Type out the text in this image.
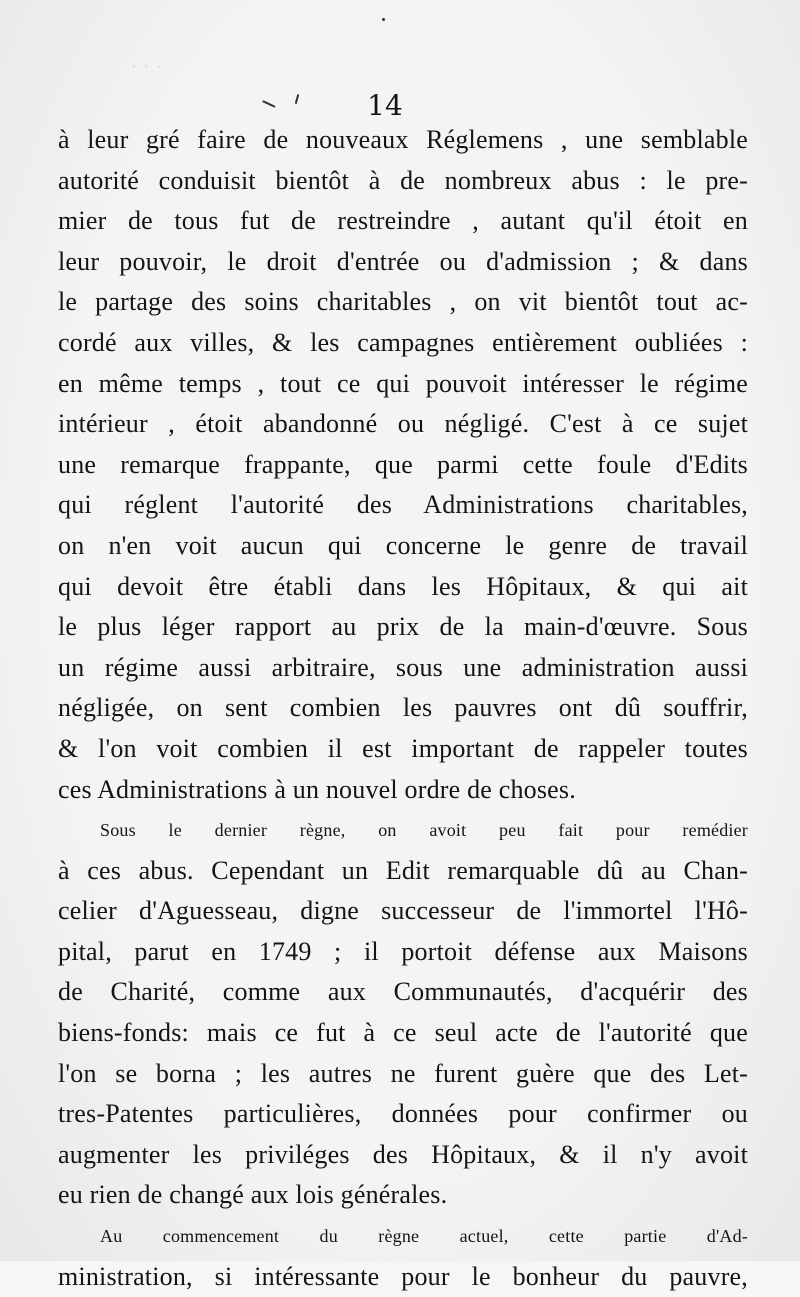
· · ·
14
à leur gré faire de nouveaux Réglemens , une semblable
autorité conduisit bientôt à de nombreux abus : le pre-
mier de tous fut de restreindre , autant qu'il étoit en
leur pouvoir, le droit d'entrée ou d'admission ; & dans
le partage des soins charitables , on vit bientôt tout ac-
cordé aux villes, & les campagnes entièrement oubliées :
en même temps , tout ce qui pouvoit intéresser le régime
intérieur , étoit abandonné ou négligé. C'est à ce sujet
une remarque frappante, que parmi cette foule d'Edits
qui réglent l'autorité des Administrations charitables,
on n'en voit aucun qui concerne le genre de travail
qui devoit être établi dans les Hôpitaux, & qui ait
le plus léger rapport au prix de la main-d'œuvre. Sous
un régime aussi arbitraire, sous une administration aussi
négligée, on sent combien les pauvres ont dû souffrir,
& l'on voit combien il est important de rappeler toutes
ces Administrations à un nouvel ordre de choses.
Sous le dernier règne, on avoit peu fait pour remédier
à ces abus. Cependant un Edit remarquable dû au Chan-
celier d'Aguesseau, digne successeur de l'immortel l'Hô-
pital, parut en 1749 ; il portoit défense aux Maisons
de Charité, comme aux Communautés, d'acquérir des
biens-fonds: mais ce fut à ce seul acte de l'autorité que
l'on se borna ; les autres ne furent guère que des Let-
tres-Patentes particulières, données pour confirmer ou
augmenter les priviléges des Hôpitaux, & il n'y avoit
eu rien de changé aux lois générales.
Au commencement du règne actuel, cette partie d'Ad-
ministration, si intéressante pour le bonheur du pauvre,
